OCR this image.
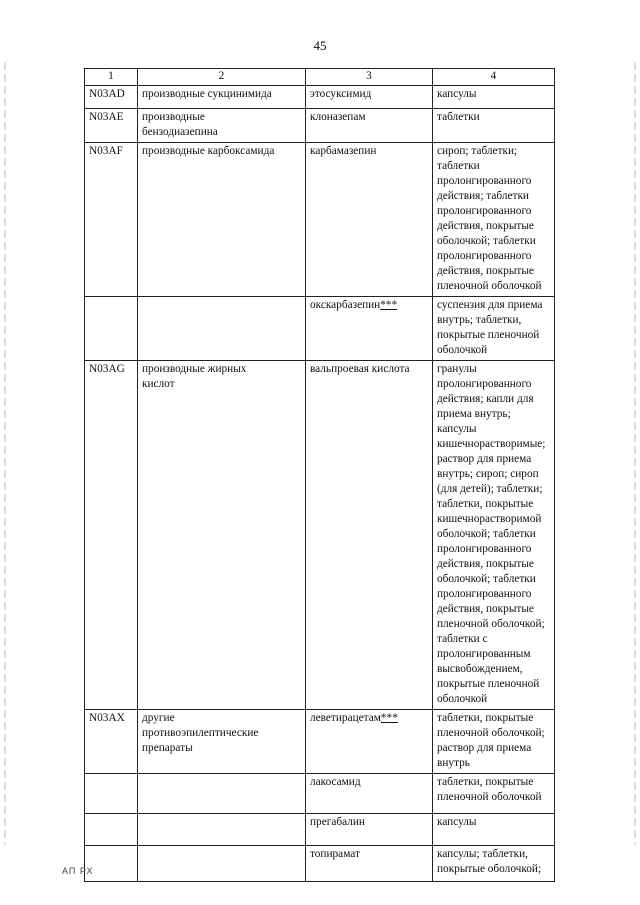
45
1	2	3	4
N03AD	производные сукцинимида	этосуксимид	капсулы
N03AE	производные бензодиазепина	клоназепам	таблетки
N03AF	производные карбоксамида	карбамазепин	сироп; таблетки; таблетки пролонгированного действия; таблетки пролонгированного действия, покрытые оболочкой; таблетки пролонгированного действия, покрытые пленочной оболочкой
		окскарбазепин***	суспензия для приема внутрь; таблетки, покрытые пленочной оболочкой
N03AG	производные жирных кислот	вальпроевая кислота	гранулы пролонгированного действия; капли для приема внутрь; капсулы кишечнорастворимые; раствор для приема внутрь; сироп; сироп (для детей); таблетки; таблетки, покрытые кишечнорастворимой оболочкой; таблетки пролонгированного действия, покрытые оболочкой; таблетки пролонгированного действия, покрытые пленочной оболочкой; таблетки с пролонгированным высвобождением, покрытые пленочной оболочкой
N03AX	другие противоэпилептические препараты	леветирацетам***	таблетки, покрытые пленочной оболочкой; раствор для приема внутрь
		лакосамид	таблетки, покрытые пленочной оболочкой
		прегабалин	капсулы
		топирамат	капсулы; таблетки, покрытые оболочкой;
АП РХ
